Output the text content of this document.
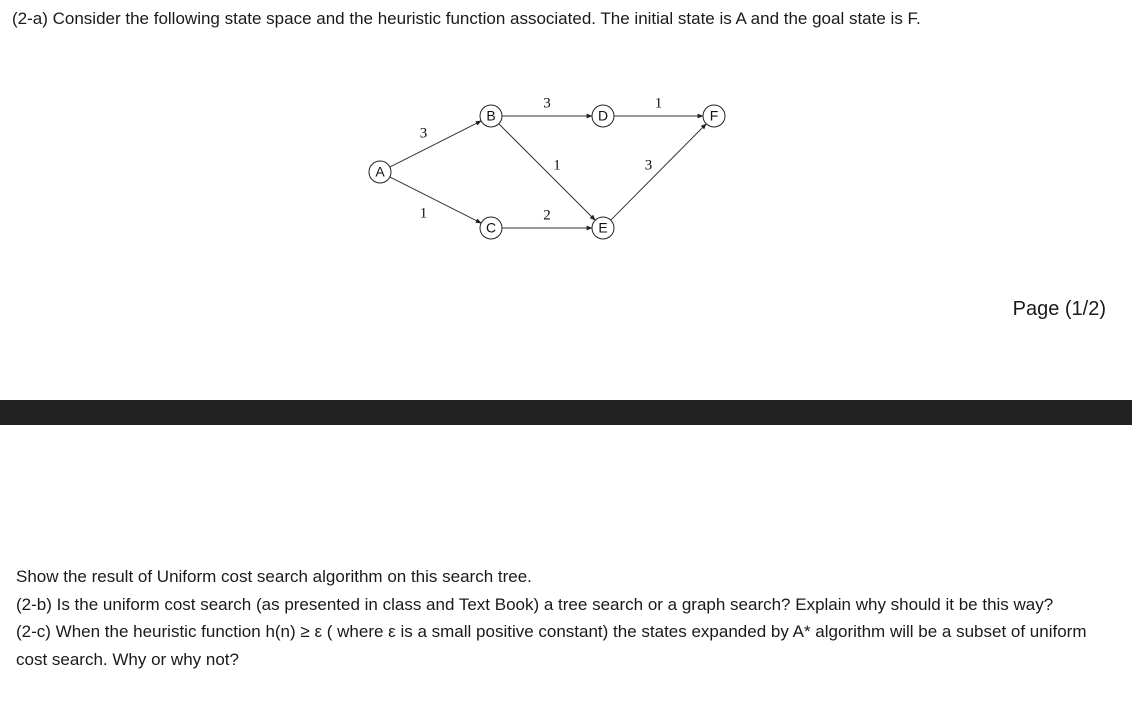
(2-a) Consider the following state space and the heuristic function associated. The initial state is A and the goal state is F.
3
1
3
1
2
1
3
A
B
C
D
E
F
Page (1/2)

Show the result of Uniform cost search algorithm on this search tree.

(2-b) Is the uniform cost search (as presented in class and Text Book) a tree search or a graph search? Explain why should it be this way?

(2-c) When the heuristic function h(n) ≥ ε ( where ε is a small positive constant) the states expanded by A* algorithm will be a subset of uniform cost search. Why or why not?
